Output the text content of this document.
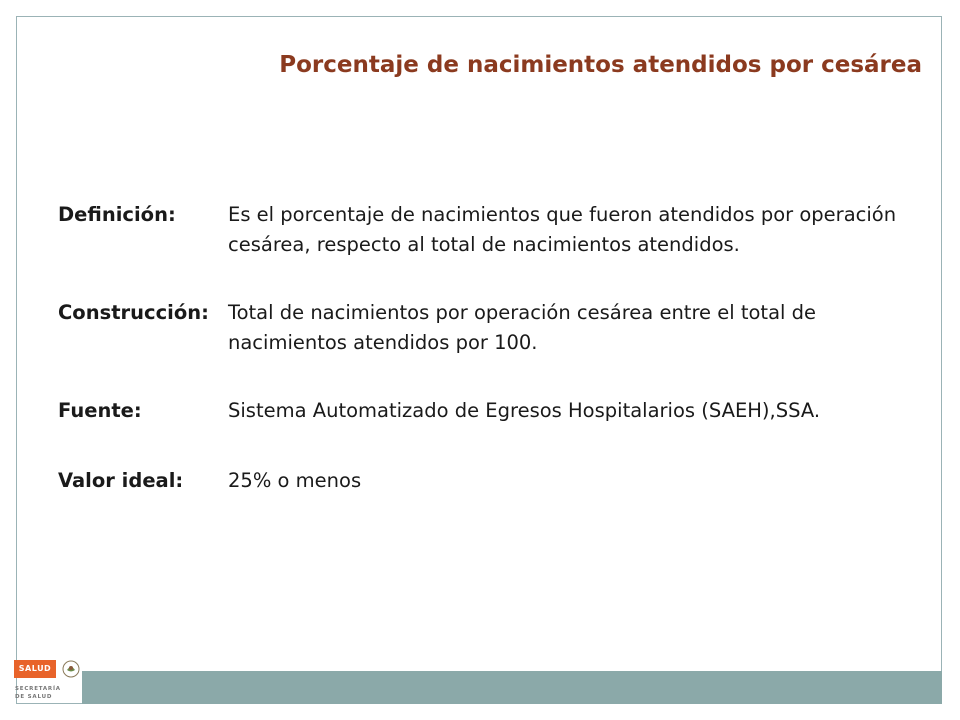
Porcentaje de nacimientos atendidos por cesárea
Definición:	Es el porcentaje de nacimientos que fueron atendidos por operación cesárea, respecto al total de nacimientos atendidos.
Construcción: Total de nacimientos por operación cesárea entre el total de nacimientos atendidos por 100.
Fuente:	Sistema Automatizado de Egresos Hospitalarios (SAEH),SSA.
Valor ideal: 25% o menos
SALUD
SECRETARÍA
DE SALUD
